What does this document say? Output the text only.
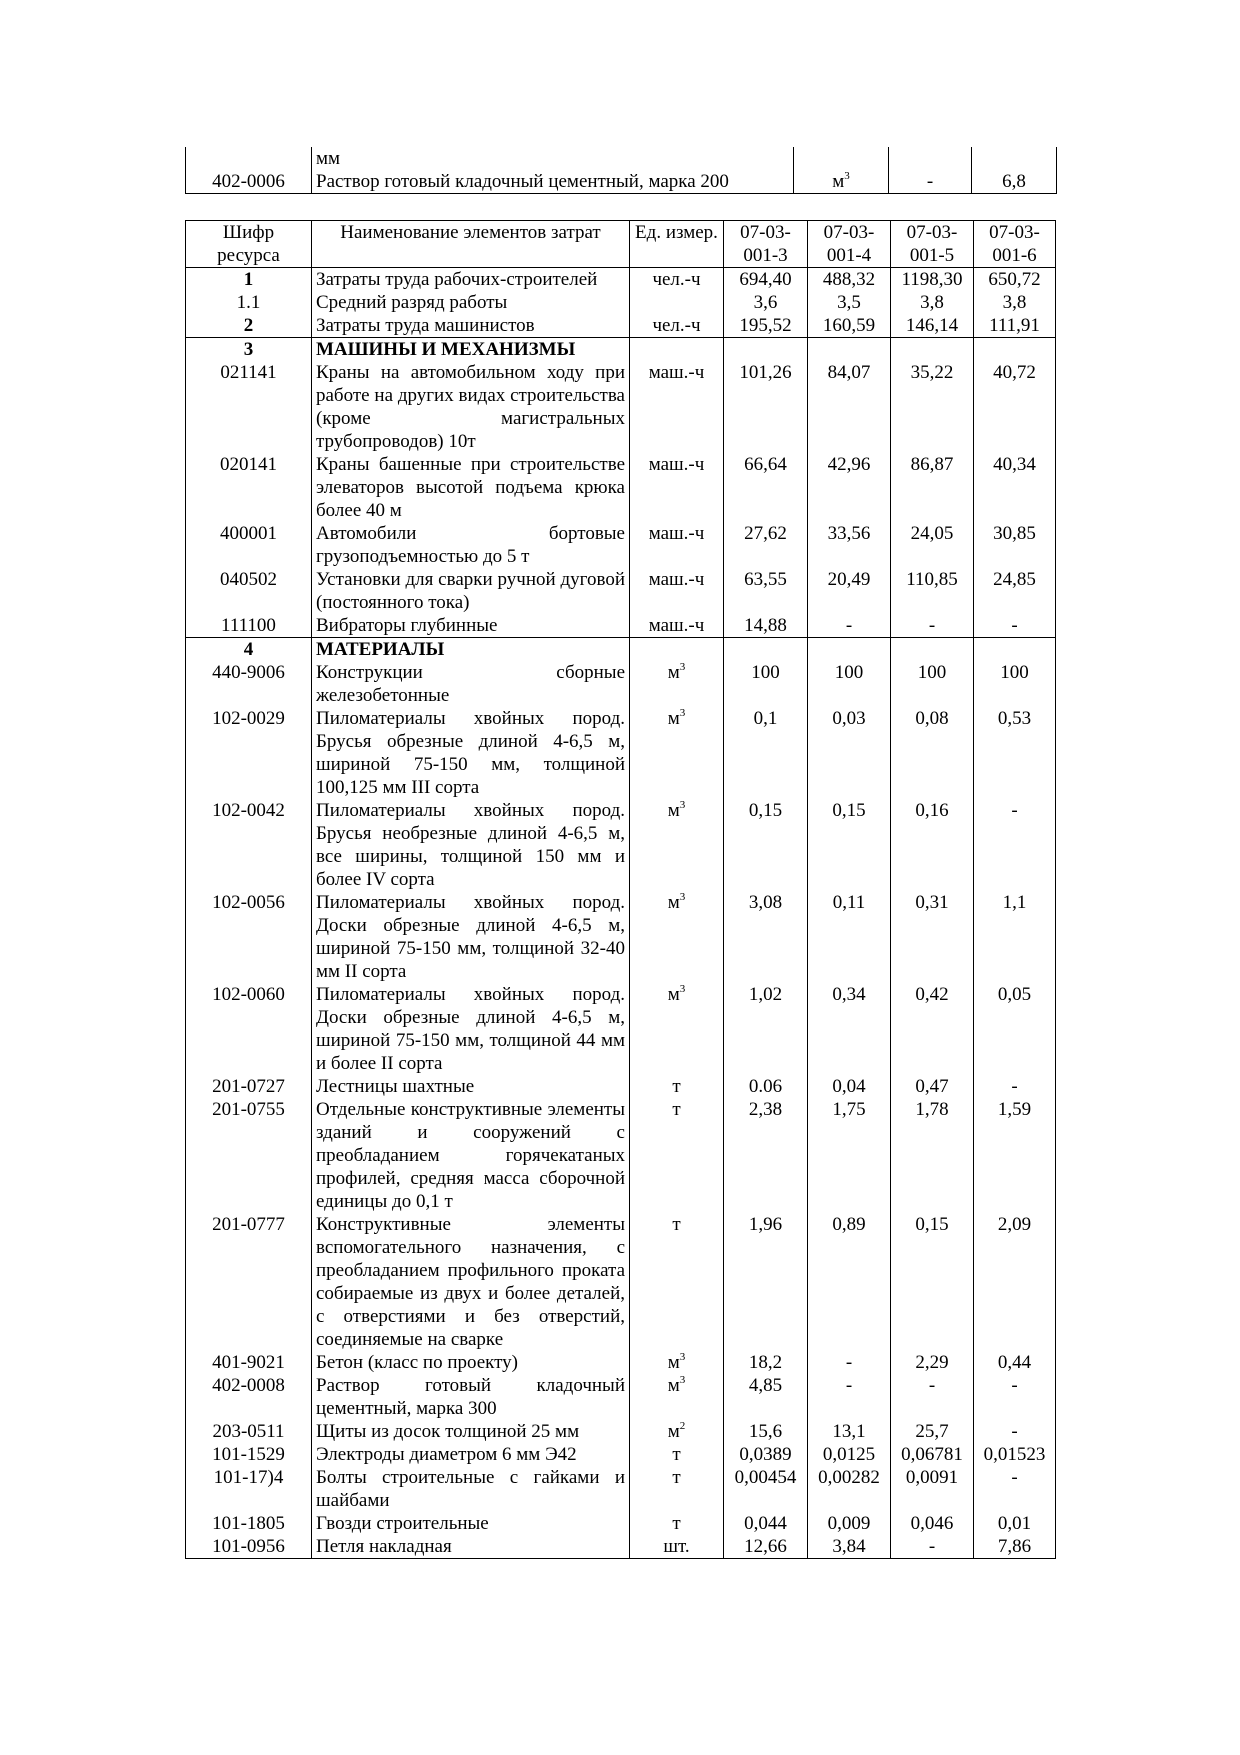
	мм			
402-0006	Раствор готовый кладочный цементный, марка 200	$м^3$	-	6,8
Шифр ресурса	Наименование элементов затрат	Ед. измер.	07-03-001-3	07-03-001-4	07-03-001-5	07-03-001-6
1	Затраты труда рабочих-строителей	чел.-ч	694,40	488,32	1198,30	650,72
1.1	Средний разряд работы		3,6	3,5	3,8	3,8
2	Затраты труда машинистов	чел.-ч	195,52	160,59	146,14	111,91
3	МАШИНЫ И МЕХАНИЗМЫ					
021141	Краны на автомобильном ходу при работе на других видах строительства (кроме магистральных трубопроводов) 10т	маш.-ч	101,26	84,07	35,22	40,72
020141	Краны башенные при строительстве элеваторов высотой подъема крюка более 40 м	маш.-ч	66,64	42,96	86,87	40,34
400001	Автомобили бортовые грузоподъемностью до 5 т	маш.-ч	27,62	33,56	24,05	30,85
040502	Установки для сварки ручной дуговой (постоянного тока)	маш.-ч	63,55	20,49	110,85	24,85
111100	Вибраторы глубинные	маш.-ч	14,88	-	-	-
4	МАТЕРИАЛЫ					
440-9006	Конструкции сборные железобетонные	$м^3$	100	100	100	100
102-0029	Пиломатериалы хвойных пород. Брусья обрезные длиной 4-6,5 м, шириной 75-150 мм, толщиной 100,125 мм III сорта	$м^3$	0,1	0,03	0,08	0,53
102-0042	Пиломатериалы хвойных пород. Брусья необрезные длиной 4-6,5 м, все ширины, толщиной 150 мм и более IV сорта	$м^3$	0,15	0,15	0,16	-
102-0056	Пиломатериалы хвойных пород. Доски обрезные длиной 4-6,5 м, шириной 75-150 мм, толщиной 32-40 мм II сорта	$м^3$	3,08	0,11	0,31	1,1
102-0060	Пиломатериалы хвойных пород. Доски обрезные длиной 4-6,5 м, шириной 75-150 мм, толщиной 44 мм и более II сорта	$м^3$	1,02	0,34	0,42	0,05
201-0727	Лестницы шахтные	т	0.06	0,04	0,47	-
201-0755	Отдельные конструктивные элементы зданий и сооружений с преобладанием горячекатаных профилей, средняя масса сборочной единицы до 0,1 т	т	2,38	1,75	1,78	1,59
201-0777	Конструктивные элементы вспомогательного назначения, с преобладанием профильного проката собираемые из двух и более деталей, с отверстиями и без отверстий, соединяемые на сварке	т	1,96	0,89	0,15	2,09
401-9021	Бетон (класс по проекту)	$м^3$	18,2	-	2,29	0,44
402-0008	Раствор готовый кладочный цементный, марка 300	$м^3$	4,85	-	-	-
203-0511	Щиты из досок толщиной 25 мм	$м^2$	15,6	13,1	25,7	-
101-1529	Электроды диаметром 6 мм Э42	т	0,0389	0,0125	0,06781	0,01523
101-17)4	Болты строительные с гайками и шайбами	т	0,00454	0,00282	0,0091	-
101-1805	Гвозди строительные	т	0,044	0,009	0,046	0,01
101-0956	Петля накладная	шт.	12,66	3,84	-	7,86
